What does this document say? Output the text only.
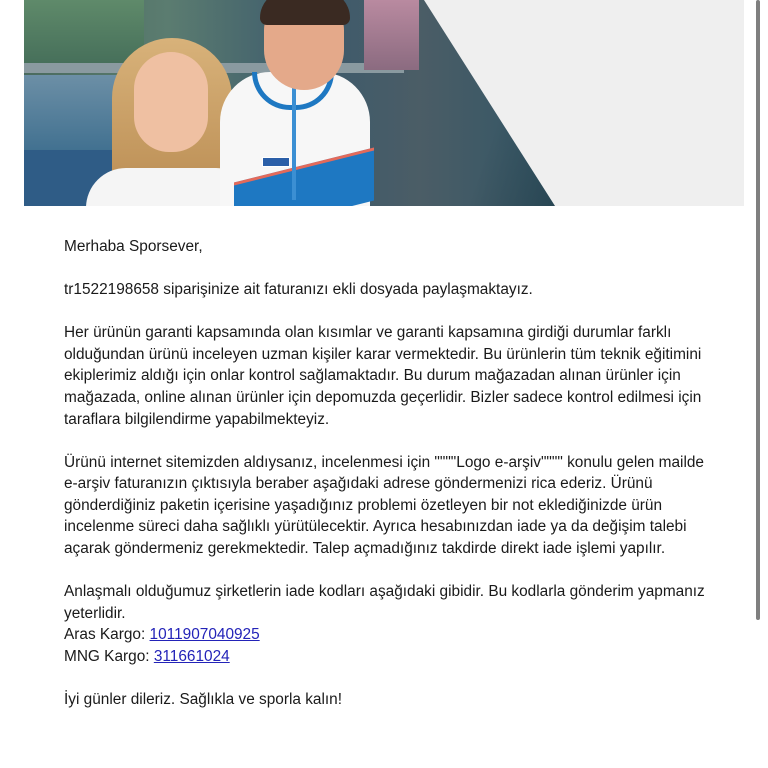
Merhaba Sporsever,

tr1522198658 siparişinize ait faturanızı ekli dosyada paylaşmaktayız.

Her ürünün garanti kapsamında olan kısımlar ve garanti kapsamına girdiği durumlar farklı olduğundan ürünü inceleyen uzman kişiler karar vermektedir. Bu ürünlerin tüm teknik eğitimini ekiplerimiz aldığı için onlar kontrol sağlamaktadır. Bu durum mağazadan alınan ürünler için mağazada, online alınan ürünler için depomuzda geçerlidir. Bizler sadece kontrol edilmesi için taraflara bilgilendirme yapabilmekteyiz.

Ürünü internet sitemizden aldıysanız, incelenmesi için """"Logo e-arşiv"""" konulu gelen mailde e-arşiv faturanızın çıktısıyla beraber aşağıdaki adrese göndermenizi rica ederiz. Ürünü gönderdiğiniz paketin içerisine yaşadığınız problemi özetleyen bir not eklediğinizde ürün incelenme süreci daha sağlıklı yürütülecektir. Ayrıca hesabınızdan iade ya da değişim talebi açarak göndermeniz gerekmektedir. Talep açmadığınız takdirde direkt iade işlemi yapılır.

Anlaşmalı olduğumuz şirketlerin iade kodları aşağıdaki gibidir. Bu kodlarla gönderim yapmanız yeterlidir.
Aras Kargo: 1011907040925
MNG Kargo: 311661024

İyi günler dileriz. Sağlıkla ve sporla kalın!
